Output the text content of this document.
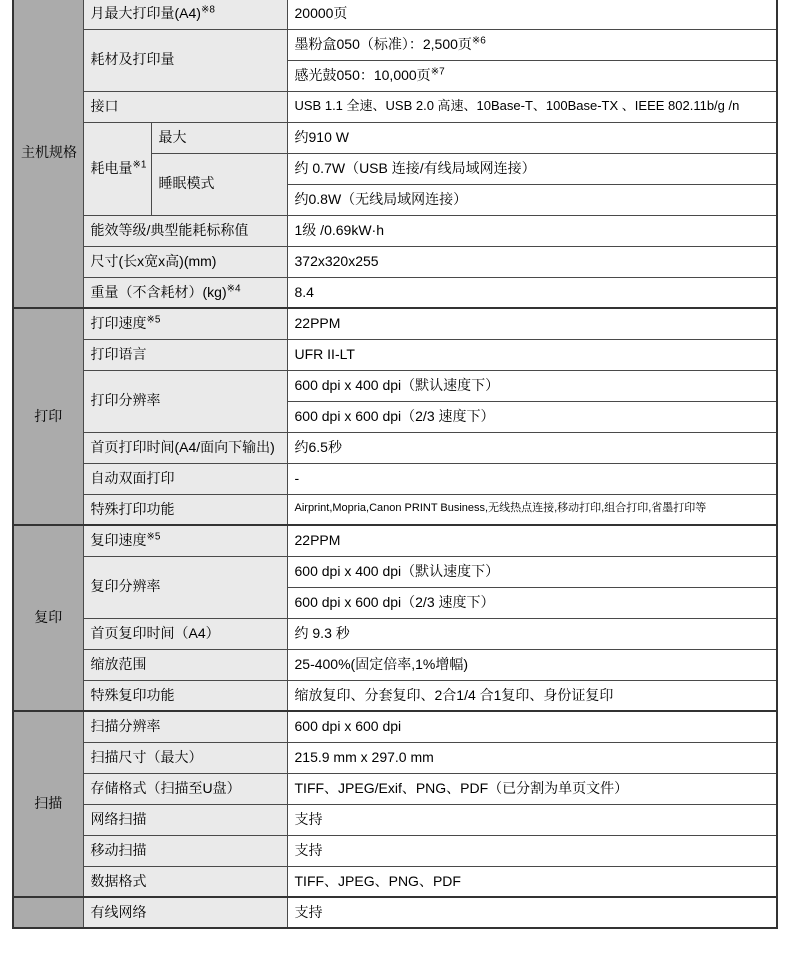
主机规格	月最大打印量(A4)$^{※8}$		20000页
	耗材及打印量		墨粉盒050（标准）：2,500页$^{※6}$
			感光鼓050：10,000页$^{※7}$
	接口		USB 1.1 全速、USB 2.0 高速、10Base-T、100Base-TX 、IEEE 802.11b/g /n
	耗电量$^{※1}$	最大	约910 W
		睡眠模式	约 0.7W（USB 连接/有线局域网连接）
			约0.8W（无线局域网连接）
	能效等级/典型能耗标称值		1级 /0.69kW·h
	尺寸(长x宽x高)(mm)		372x320x255
	重量（不含耗材）(kg)$^{※4}$		8.4
打印	打印速度$^{※5}$		22PPM
	打印语言		UFR II-LT
	打印分辨率		600 dpi x 400 dpi（默认速度下）
			600 dpi x 600 dpi（2/3 速度下）
	首页打印时间(A4/面向下输出)		约6.5秒
	自动双面打印		-
	特殊打印功能		Airprint,Mopria,Canon PRINT Business,无线热点连接,移动打印,组合打印,省墨打印等
复印	复印速度$^{※5}$		22PPM
	复印分辨率		600 dpi x 400 dpi（默认速度下）
			600 dpi x 600 dpi（2/3 速度下）
	首页复印时间（A4）		约 9.3 秒
	缩放范围		25-400%(固定倍率,1%增幅)
	特殊复印功能		缩放复印、分套复印、2合1/4 合1复印、身份证复印
扫描	扫描分辨率		600 dpi x 600 dpi
	扫描尺寸（最大）		215.9 mm x 297.0 mm
	存储格式（扫描至U盘）		TIFF、JPEG/Exif、PNG、PDF（已分割为单页文件）
	网络扫描		支持
	移动扫描		支持
	数据格式		TIFF、JPEG、PNG、PDF
	有线网络		支持
